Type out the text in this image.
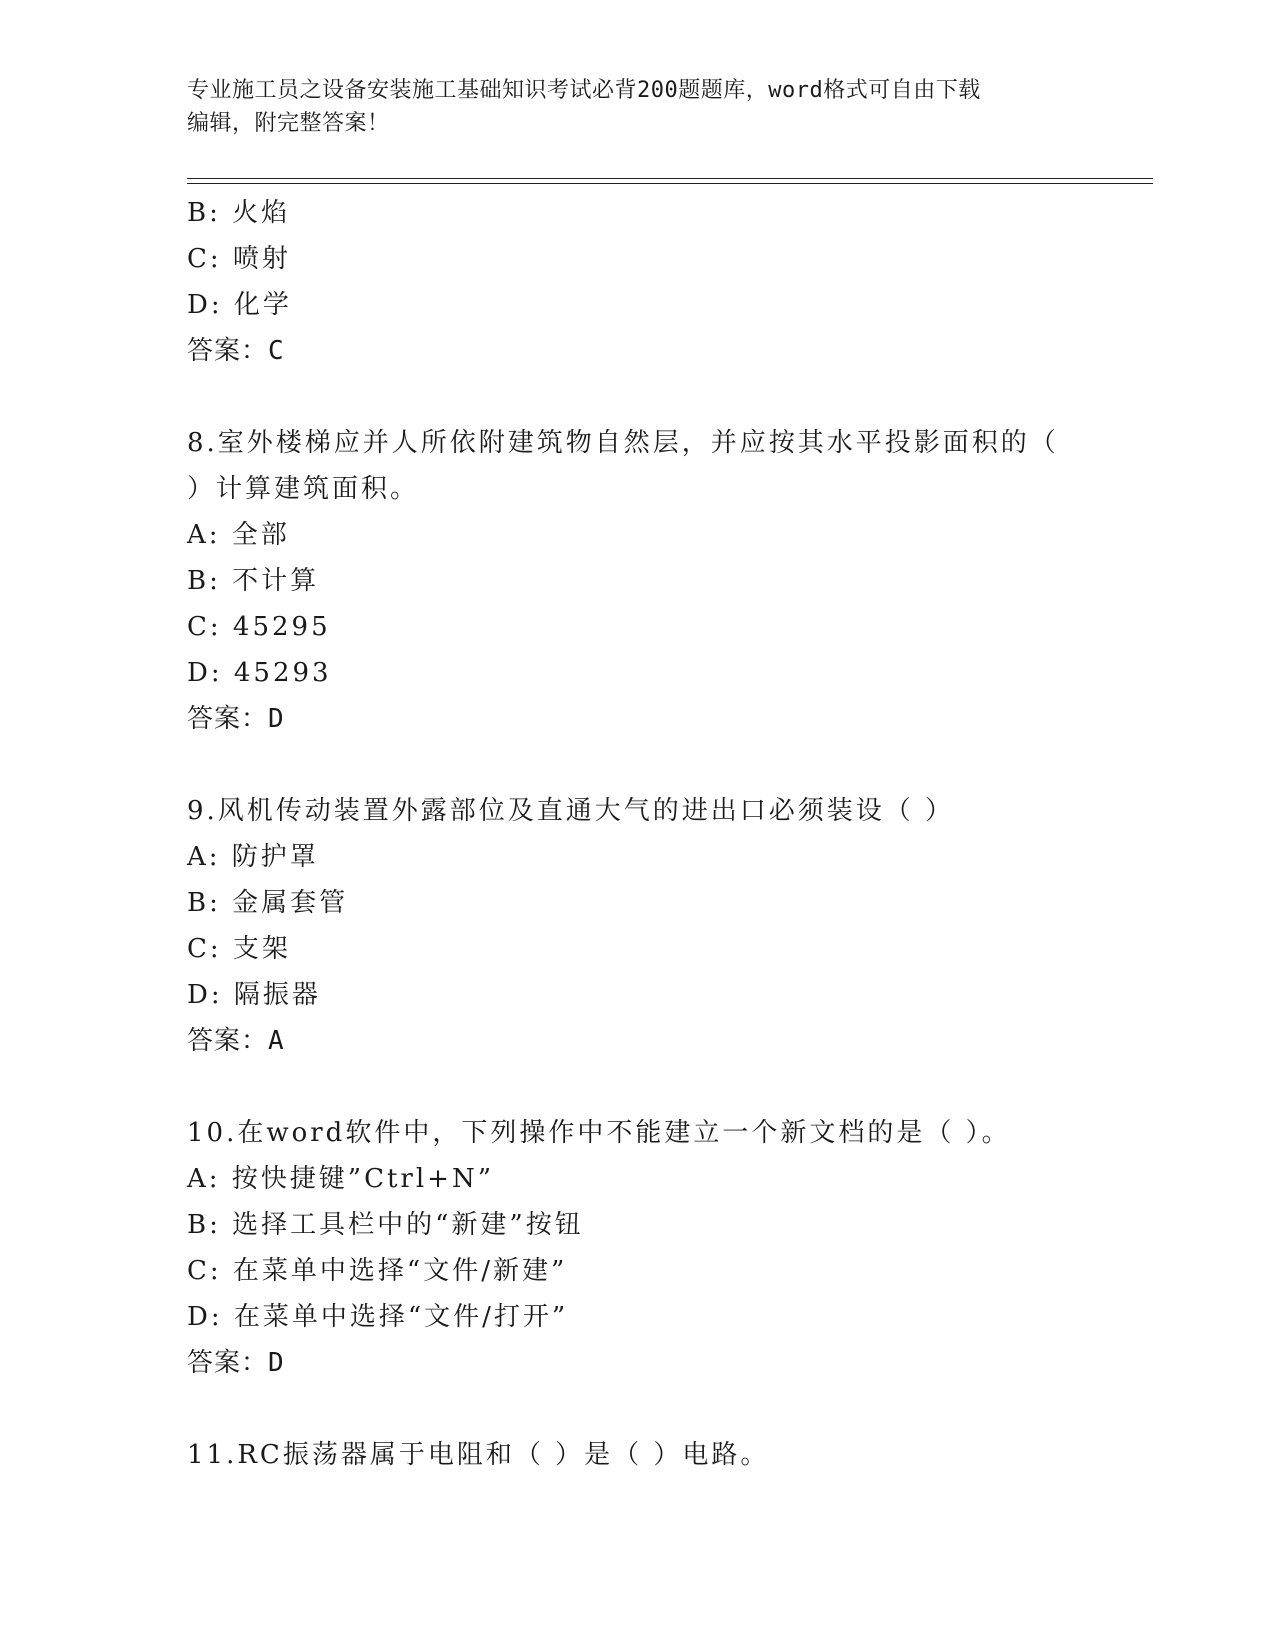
专业施工员之设备安装施工基础知识考试必背200题题库，word格式可自由下载
编辑，附完整答案！
B: 火焰
C: 喷射
D: 化学
答案：C
8.室外楼梯应并人所依附建筑物自然层，并应按其水平投影面积的（
）计算建筑面积。
A: 全部
B: 不计算
C: 45295
D: 45293
答案：D
9.风机传动装置外露部位及直通大气的进出口必须装设（ ）
A: 防护罩
B: 金属套管
C: 支架
D: 隔振器
答案：A
10.在word软件中，下列操作中不能建立一个新文档的是（ ）。
A: 按快捷键”Ctrl+N”
B: 选择工具栏中的“新建”按钮
C: 在菜单中选择“文件/新建”
D: 在菜单中选择“文件/打开”
答案：D
11.RC振荡器属于电阻和（ ）是（ ）电路。
